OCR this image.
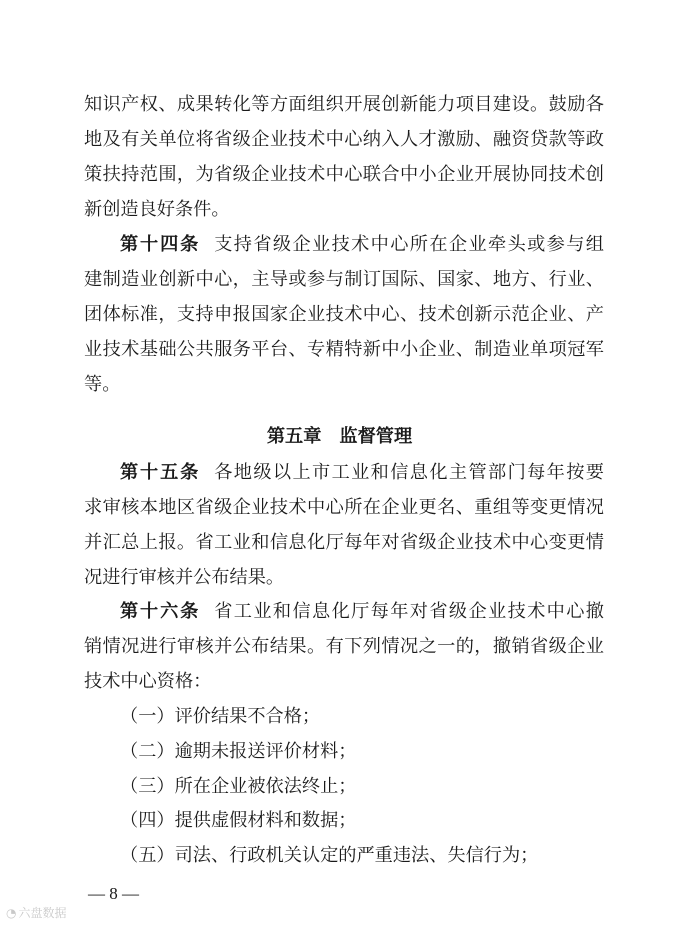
知识产权、成果转化等方面组织开展创新能力项目建设。鼓励各
地及有关单位将省级企业技术中心纳入人才激励、融资贷款等政
策扶持范围，为省级企业技术中心联合中小企业开展协同技术创
新创造良好条件。
第十四条 支持省级企业技术中心所在企业牵头或参与组
建制造业创新中心，主导或参与制订国际、国家、地方、行业、
团体标准，支持申报国家企业技术中心、技术创新示范企业、产
业技术基础公共服务平台、专精特新中小企业、制造业单项冠军
等。
第五章 监督管理
第十五条 各地级以上市工业和信息化主管部门每年按要
求审核本地区省级企业技术中心所在企业更名、重组等变更情况
并汇总上报。省工业和信息化厅每年对省级企业技术中心变更情
况进行审核并公布结果。
第十六条 省工业和信息化厅每年对省级企业技术中心撤
销情况进行审核并公布结果。有下列情况之一的，撤销省级企业
技术中心资格：
（一）评价结果不合格；
（二）逾期未报送评价材料；
（三）所在企业被依法终止；
（四）提供虚假材料和数据；
（五）司法、行政机关认定的严重违法、失信行为；
— 8 —
◔ 六盘数据
